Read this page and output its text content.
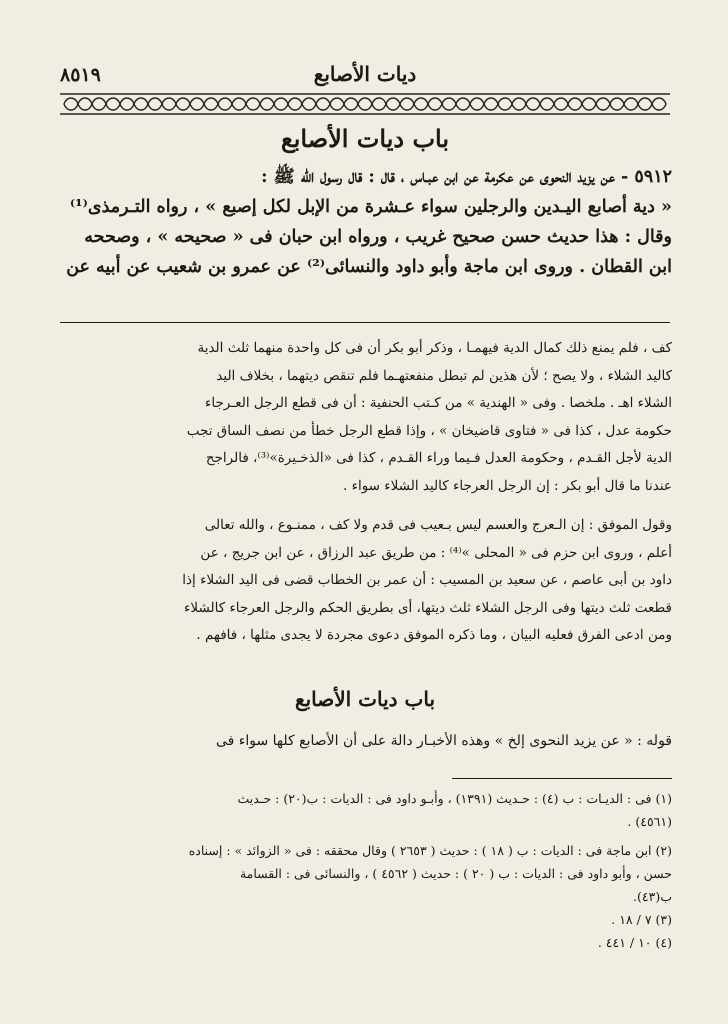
ديات الأصابع
٨٥١٩
باب ديات الأصابع
٥٩١٢ - عن يزيد النحوى عن عكرمة عن ابن عبـاس ، قال : قال رسول الله ﷺ :
« دية أصابع اليـدين والرجلين سواء عـشرة من الإبل لكل إصبع » ، رواه التـرمذى⁽¹⁾
وقال : هذا حديث حسن صحيح غريب ، ورواه ابن حبان فى « صحيحه » ، وصححه
ابن القطان . وروى ابن ماجة وأبو داود والنسائى⁽²⁾ عن عمرو بن شعيب عن أبيه عن
كف ، فلم يمنع ذلك كمال الدية فيهمـا ، وذكر أبو بكر أن فى كل واحدة منهما ثلث الدية
كاليد الشلاء ، ولا يصح ؛ لأن هذين لم تبطل منفعتهـما فلم تنقص ديتهما ، بخلاف اليد
الشلاء اهـ . ملخصا . وفى « الهندية » من كـتب الحنفية : أن فى قطع الرجل العـرجاء
حكومة عدل ، كذا فى « فتاوى قاضيخان » ، وإذا قطع الرجل خطأ من نصف الساق تجب
الدية لأجل القـدم ، وحكومة العدل فـيما وراء القـدم ، كذا فى «الذخـيرة»⁽³⁾، فالراجح
عندنا ما قال أبو بكر : إن الرجل العرجاء كاليد الشلاء سواء .
وقول الموفق : إن الـعرج والعسم ليس بـعيب فى قدم ولا كف ، ممنـوع ، والله تعالى
أعلم ، وروى ابن حزم فى « المحلى »⁽⁴⁾ : من طريق عبد الرزاق ، عن ابن جريج ، عن
داود بن أبى عاصم ، عن سعيد بن المسيب : أن عمر بن الخطاب قضى فى اليد الشلاء إذا
قطعت ثلث ديتها وفى الرجل الشلاء ثلث ديتها، أى بطريق الحكم والرجل العرجاء كالشلاء
ومن ادعى الفرق فعليه البيان ، وما ذكره الموفق دعوى مجردة لا يجدى مثلها ، فافهم .
باب ديات الأصابع
قوله : « عن يزيد النحوى إلخ » وهذه الأخبـار دالة على أن الأصابع كلها سواء فى
(١) فى : الديـات : ب (٤) : حـديث (١٣٩١) ، وأبـو داود فى : الديات : ب(٢٠) : حـديث
(٤٥٦١) .
(٢) ابن ماجة فى : الديات : ب ( ١٨ ) : حديث ( ٢٦٥٣ ) وقال محققه : فى « الزوائد » : إسناده
حسن ، وأبو داود فى : الديات : ب ( ٢٠ ) : حديث ( ٤٥٦٢ ) ، والنسائى فى : القسامة
ب(٤٣).
(٣) ٧ / ١٨ .
(٤) ١٠ / ٤٤١ .
